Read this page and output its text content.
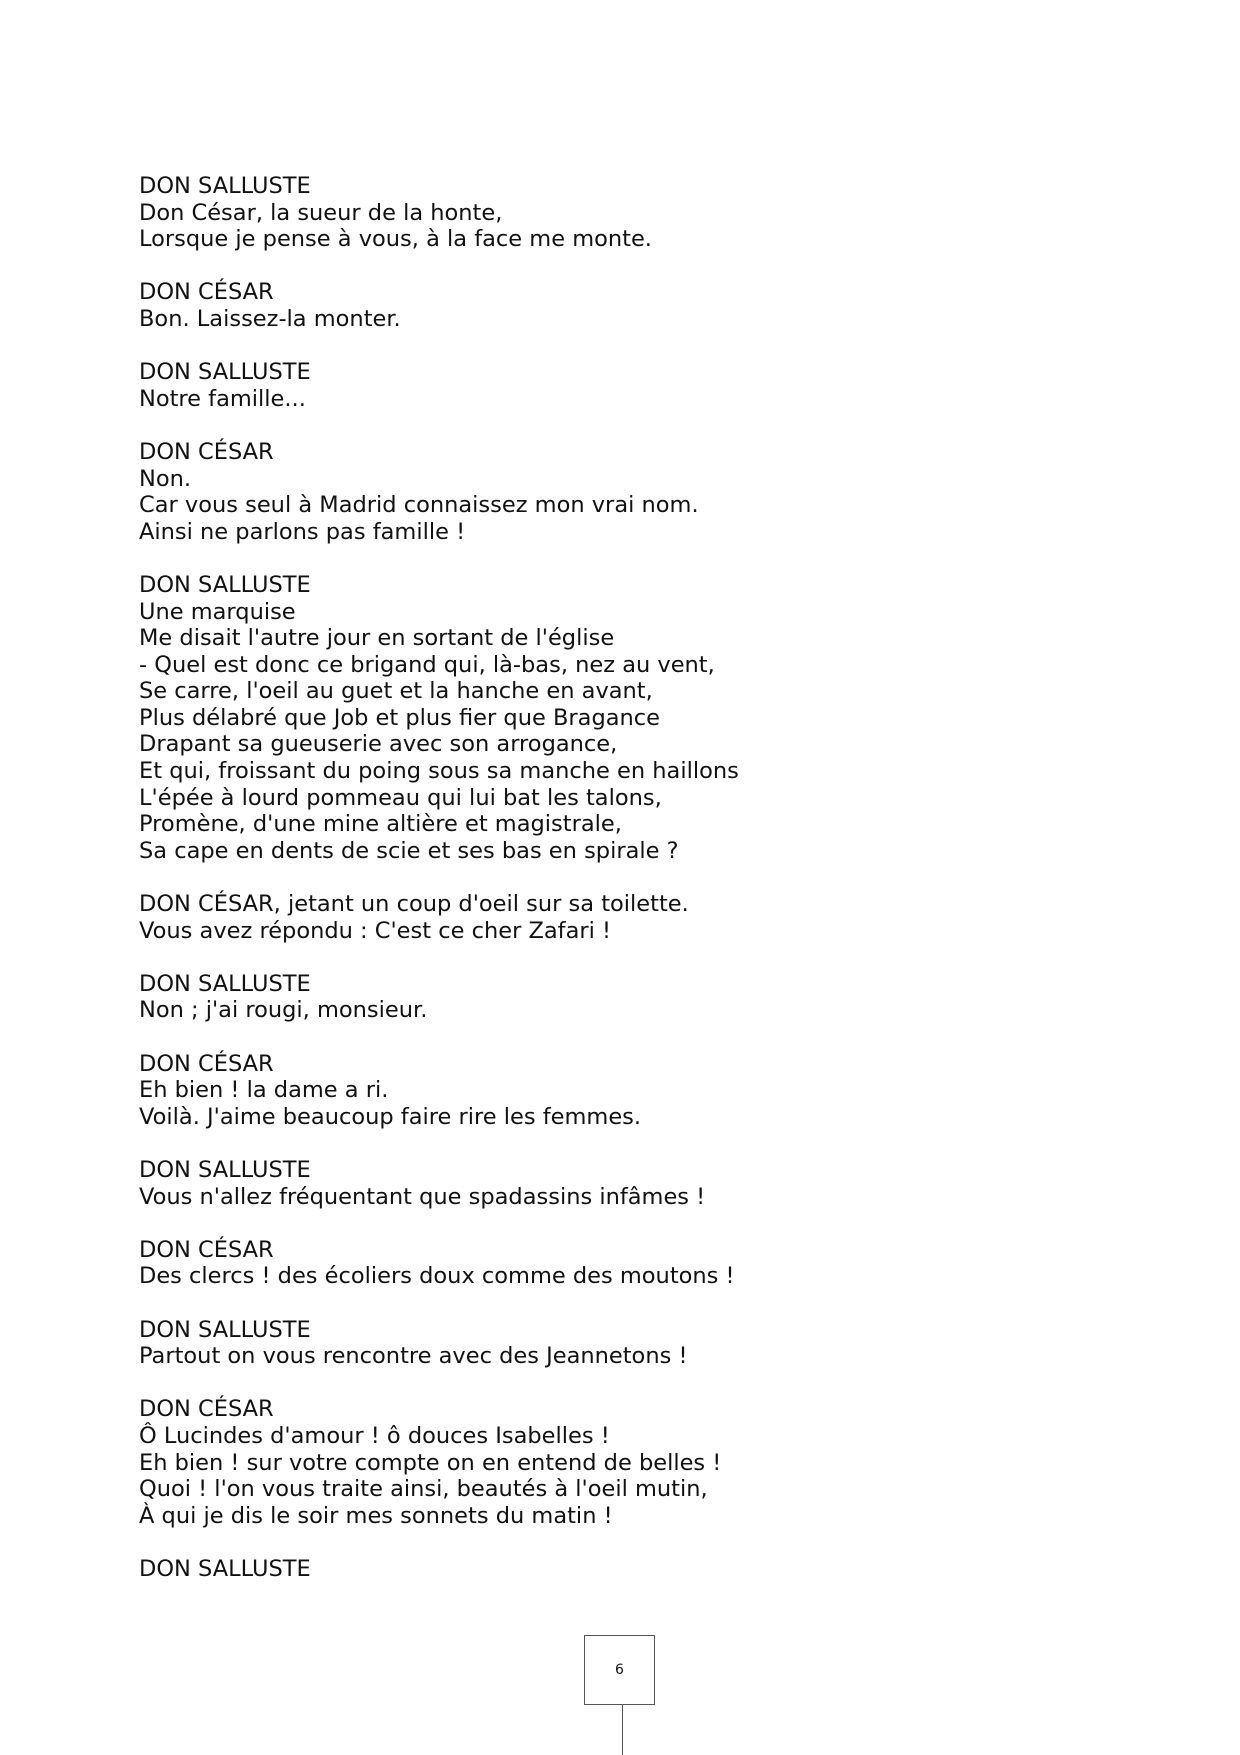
DON SALLUSTE
Don César, la sueur de la honte,
Lorsque je pense à vous, à la face me monte.
DON CÉSAR
Bon. Laissez-la monter.
DON SALLUSTE
Notre famille...
DON CÉSAR
Non.
Car vous seul à Madrid connaissez mon vrai nom.
Ainsi ne parlons pas famille !
DON SALLUSTE
Une marquise
Me disait l'autre jour en sortant de l'église
- Quel est donc ce brigand qui, là-bas, nez au vent,
Se carre, l'oeil au guet et la hanche en avant,
Plus délabré que Job et plus fier que Bragance
Drapant sa gueuserie avec son arrogance,
Et qui, froissant du poing sous sa manche en haillons
L'épée à lourd pommeau qui lui bat les talons,
Promène, d'une mine altière et magistrale,
Sa cape en dents de scie et ses bas en spirale ?
DON CÉSAR, jetant un coup d'oeil sur sa toilette.
Vous avez répondu : C'est ce cher Zafari !
DON SALLUSTE
Non ; j'ai rougi, monsieur.
DON CÉSAR
Eh bien ! la dame a ri.
Voilà. J'aime beaucoup faire rire les femmes.
DON SALLUSTE
Vous n'allez fréquentant que spadassins infâmes !
DON CÉSAR
Des clercs ! des écoliers doux comme des moutons !
DON SALLUSTE
Partout on vous rencontre avec des Jeannetons !
DON CÉSAR
Ô Lucindes d'amour ! ô douces Isabelles !
Eh bien ! sur votre compte on en entend de belles !
Quoi ! l'on vous traite ainsi, beautés à l'oeil mutin,
À qui je dis le soir mes sonnets du matin !
DON SALLUSTE
6
